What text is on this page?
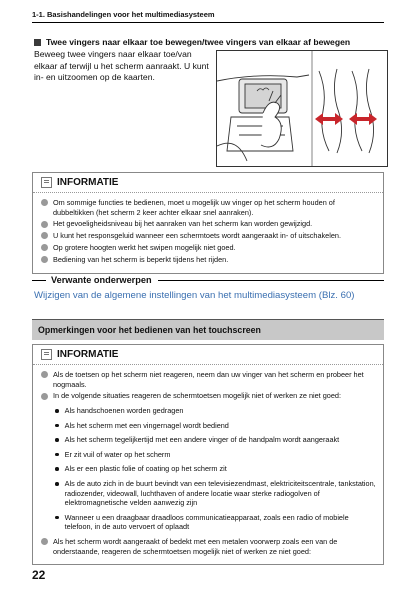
1-1. Basishandelingen voor het multimediasysteem
Twee vingers naar elkaar toe bewegen/twee vingers van elkaar af bewegen
Beweeg twee vingers naar elkaar toe/van elkaar af terwijl u het scherm aanraakt. U kunt in- en uitzoomen op de kaarten.
INFORMATIE
Om sommige functies te bedienen, moet u mogelijk uw vinger op het scherm houden of dubbeltikken (het scherm 2 keer achter elkaar snel aanraken).
Het gevoeligheidsniveau bij het aanraken van het scherm kan worden gewijzigd.
U kunt het responsgeluid wanneer een schermtoets wordt aangeraakt in- of uitschakelen.
Op grotere hoogten werkt het swipen mogelijk niet goed.
Bediening van het scherm is beperkt tijdens het rijden.
Verwante onderwerpen
Wijzigen van de algemene instellingen van het multimediasysteem (Blz. 60)
Opmerkingen voor het bedienen van het touchscreen
INFORMATIE
Als de toetsen op het scherm niet reageren, neem dan uw vinger van het scherm en probeer het nogmaals.
In de volgende situaties reageren de schermtoetsen mogelijk niet of werken ze niet goed:
Als handschoenen worden gedragen
Als het scherm met een vingernagel wordt bediend
Als het scherm tegelijkertijd met een andere vinger of de handpalm wordt aangeraakt
Er zit vuil of water op het scherm
Als er een plastic folie of coating op het scherm zit
Als de auto zich in de buurt bevindt van een televisiezendmast, elektriciteitscentrale, tankstation, radiozender, videowall, luchthaven of andere locatie waar sterke radiogolven of elektromagnetische velden aanwezig zijn
Wanneer u een draagbaar draadloos communicatieapparaat, zoals een radio of mobiele telefoon, in de auto vervoert of oplaadt
Als het scherm wordt aangeraakt of bedekt met een metalen voorwerp zoals een van de onderstaande, reageren de schermtoetsen mogelijk niet of werken ze niet goed:
22
